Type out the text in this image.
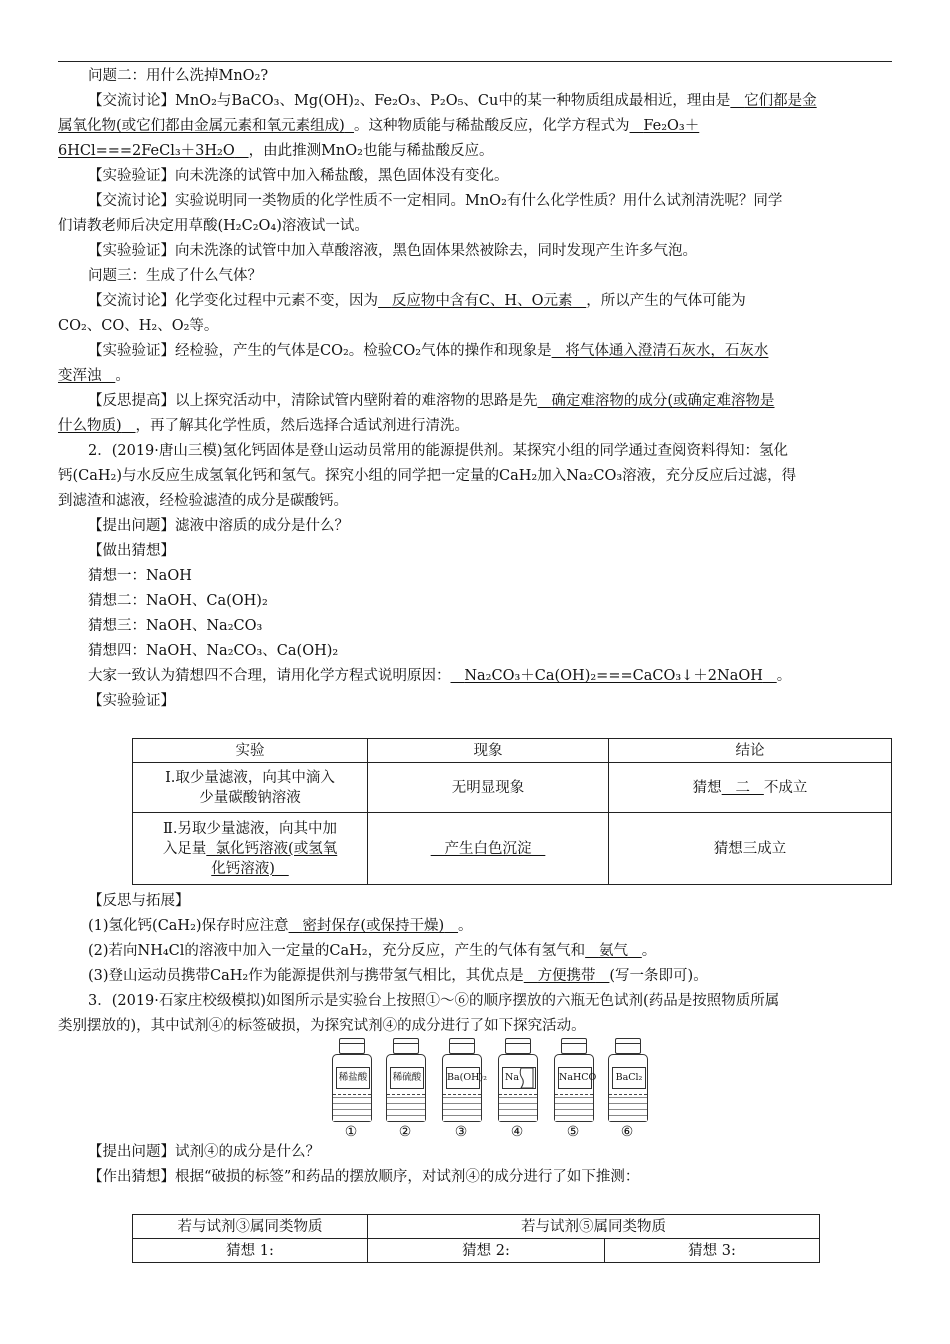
问题二：用什么洗掉MnO₂?
【交流讨论】MnO₂与BaCO₃、Mg(OH)₂、Fe₂O₃、P₂O₅、Cu中的某一种物质组成最相近，理由是 它们都是金
属氧化物(或它们都由金属元素和氧元素组成) 。这种物质能与稀盐酸反应，化学方程式为 Fe₂O₃＋
6HCl===2FeCl₃＋3H₂O ，由此推测MnO₂也能与稀盐酸反应。
【实验验证】向未洗涤的试管中加入稀盐酸，黑色固体没有变化。
【交流讨论】实验说明同一类物质的化学性质不一定相同。MnO₂有什么化学性质？用什么试剂清洗呢？同学
们请教老师后决定用草酸(H₂C₂O₄)溶液试一试。
【实验验证】向未洗涤的试管中加入草酸溶液，黑色固体果然被除去，同时发现产生许多气泡。
问题三：生成了什么气体？
【交流讨论】化学变化过程中元素不变，因为 反应物中含有C、H、O元素 ，所以产生的气体可能为
CO₂、CO、H₂、O₂等。
【实验验证】经检验，产生的气体是CO₂。检验CO₂气体的操作和现象是 将气体通入澄清石灰水，石灰水
变浑浊 。
【反思提高】以上探究活动中，清除试管内壁附着的难溶物的思路是先 确定难溶物的成分(或确定难溶物是
什么物质) ，再了解其化学性质，然后选择合适试剂进行清洗。
2．(2019·唐山三模)氢化钙固体是登山运动员常用的能源提供剂。某探究小组的同学通过查阅资料得知：氢化
钙(CaH₂)与水反应生成氢氧化钙和氢气。探究小组的同学把一定量的CaH₂加入Na₂CO₃溶液，充分反应后过滤，得
到滤渣和滤液，经检验滤渣的成分是碳酸钙。
【提出问题】滤液中溶质的成分是什么？
【做出猜想】
猜想一：NaOH
猜想二：NaOH、Ca(OH)₂
猜想三：NaOH、Na₂CO₃
猜想四：NaOH、Na₂CO₃、Ca(OH)₂
大家一致认为猜想四不合理，请用化学方程式说明原因： Na₂CO₃＋Ca(OH)₂===CaCO₃↓＋2NaOH 。
【实验验证】
实验	现象	结论
Ⅰ.取少量滤液，向其中滴入
少量碳酸钠溶液	无明显现象	猜想 二 不成立
Ⅱ.另取少量滤液，向其中加
入足量 氯化钙溶液(或氢氧
化钙溶液)	产生白色沉淀	猜想三成立
【反思与拓展】
(1)氢化钙(CaH₂)保存时应注意 密封保存(或保持干燥) 。
(2)若向NH₄Cl的溶液中加入一定量的CaH₂，充分反应，产生的气体有氢气和 氨气 。
(3)登山运动员携带CaH₂作为能源提供剂与携带氢气相比，其优点是 方便携带 (写一条即可)。
3．(2019·石家庄校级模拟)如图所示是实验台上按照①～⑥的顺序摆放的六瓶无色试剂(药品是按照物质所属
类别摆放的)，其中试剂④的标签破损，为探究试剂④的成分进行了如下探究活动。
稀盐酸
①
稀硫酸
②
Ba(OH)₂
③
Na
④
NaHCO
⑤
BaCl₂
⑥
【提出问题】试剂④的成分是什么？
【作出猜想】根据“破损的标签”和药品的摆放顺序，对试剂④的成分进行了如下推测：
若与试剂③属同类物质	若与试剂⑤属同类物质	
猜想 1:	猜想 2:	猜想 3:
